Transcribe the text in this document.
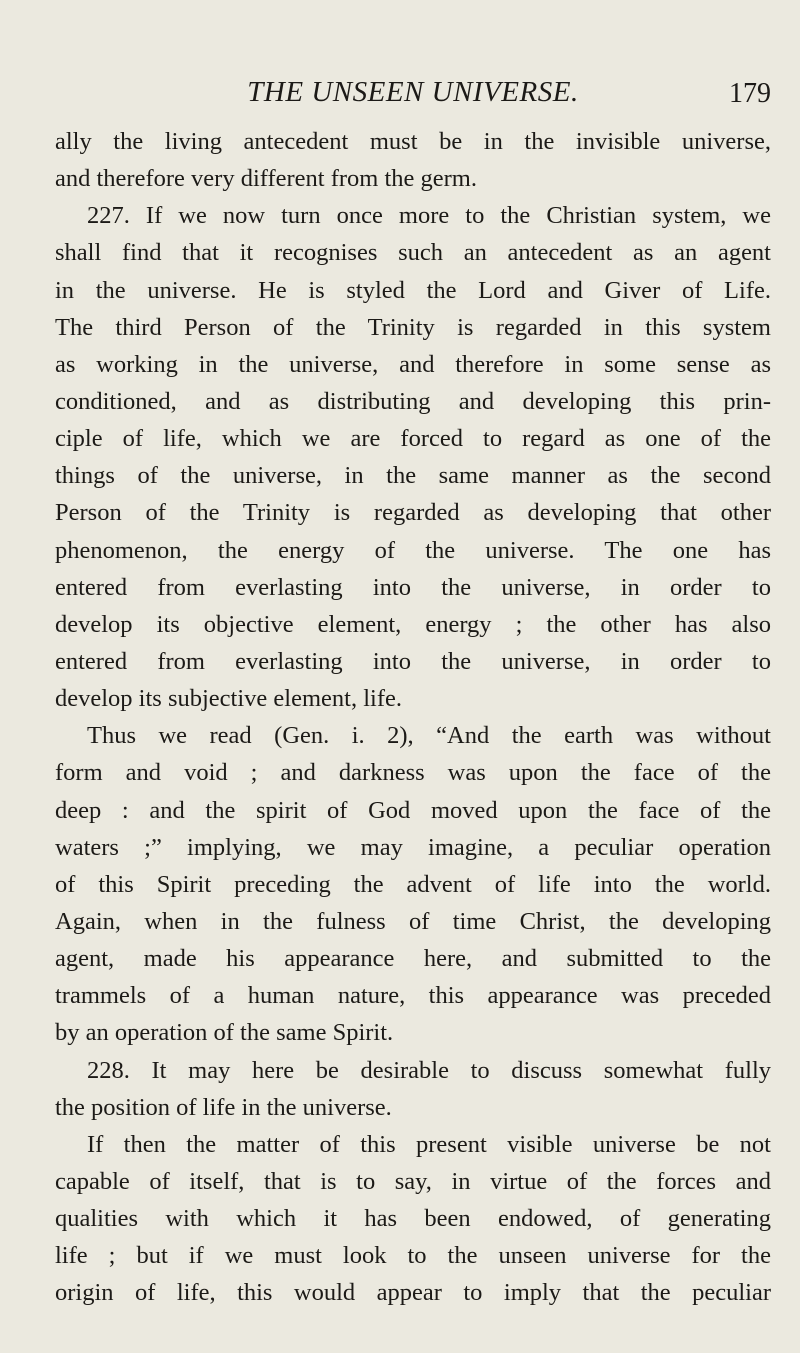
THE UNSEEN UNIVERSE.	179
ally the living antecedent must be in the invisible universe,
and therefore very different from the germ.
227. If we now turn once more to the Christian system, we
shall find that it recognises such an antecedent as an agent
in the universe. He is styled the Lord and Giver of Life.
The third Person of the Trinity is regarded in this system
as working in the universe, and therefore in some sense as
conditioned, and as distributing and developing this prin-
ciple of life, which we are forced to regard as one of the
things of the universe, in the same manner as the second
Person of the Trinity is regarded as developing that other
phenomenon, the energy of the universe. The one has
entered from everlasting into the universe, in order to
develop its objective element, energy ; the other has also
entered from everlasting into the universe, in order to
develop its subjective element, life.
Thus we read (Gen. i. 2), “And the earth was without
form and void ; and darkness was upon the face of the
deep : and the spirit of God moved upon the face of the
waters ;” implying, we may imagine, a peculiar operation
of this Spirit preceding the advent of life into the world.
Again, when in the fulness of time Christ, the developing
agent, made his appearance here, and submitted to the
trammels of a human nature, this appearance was preceded
by an operation of the same Spirit.
228. It may here be desirable to discuss somewhat fully
the position of life in the universe.
If then the matter of this present visible universe be not
capable of itself, that is to say, in virtue of the forces and
qualities with which it has been endowed, of generating
life ; but if we must look to the unseen universe for the
origin of life, this would appear to imply that the peculiar
